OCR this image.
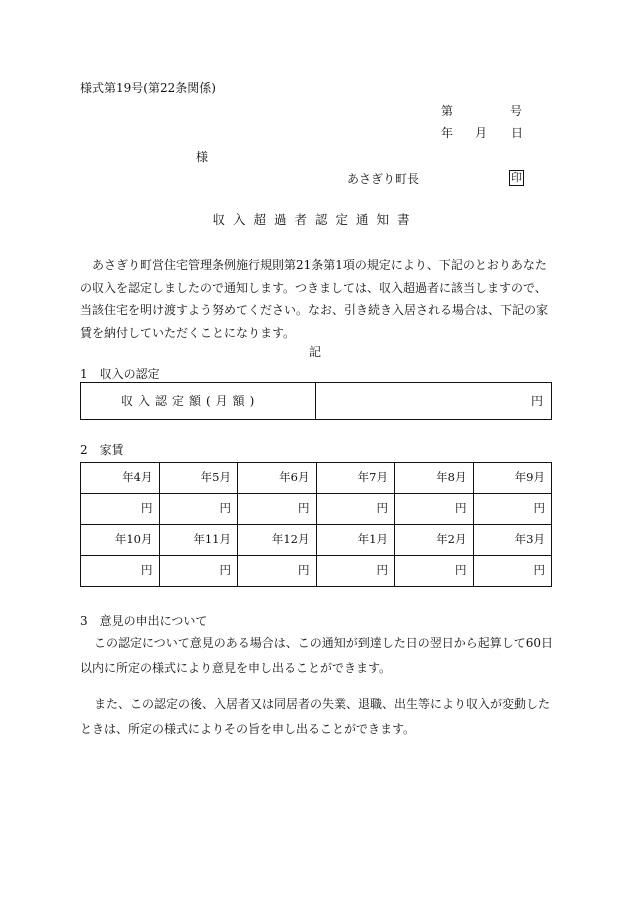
様式第19号(第22条関係)
第	号
年 月 日
様
あさぎり町長	印
収入超過者認定通知書
あさぎり町営住宅管理条例施行規則第21条第1項の規定により、下記のとおりあなたの収入を認定しましたので通知します。つきましては、収入超過者に該当しますので、当該住宅を明け渡すよう努めてください。なお、引き続き入居される場合は、下記の家賃を納付していただくことになります。
記
1　収入の認定
収入認定額(月額)	円
2　家賃
年4月	年5月	年6月	年7月	年8月	年9月
円	円	円	円	円	円
年10月	年11月	年12月	年1月	年2月	年3月
円	円	円	円	円	円
3　意見の申出について
この認定について意見のある場合は、この通知が到達した日の翌日から起算して60日以内に所定の様式により意見を申し出ることができます。
また、この認定の後、入居者又は同居者の失業、退職、出生等により収入が変動したときは、所定の様式によりその旨を申し出ることができます。
